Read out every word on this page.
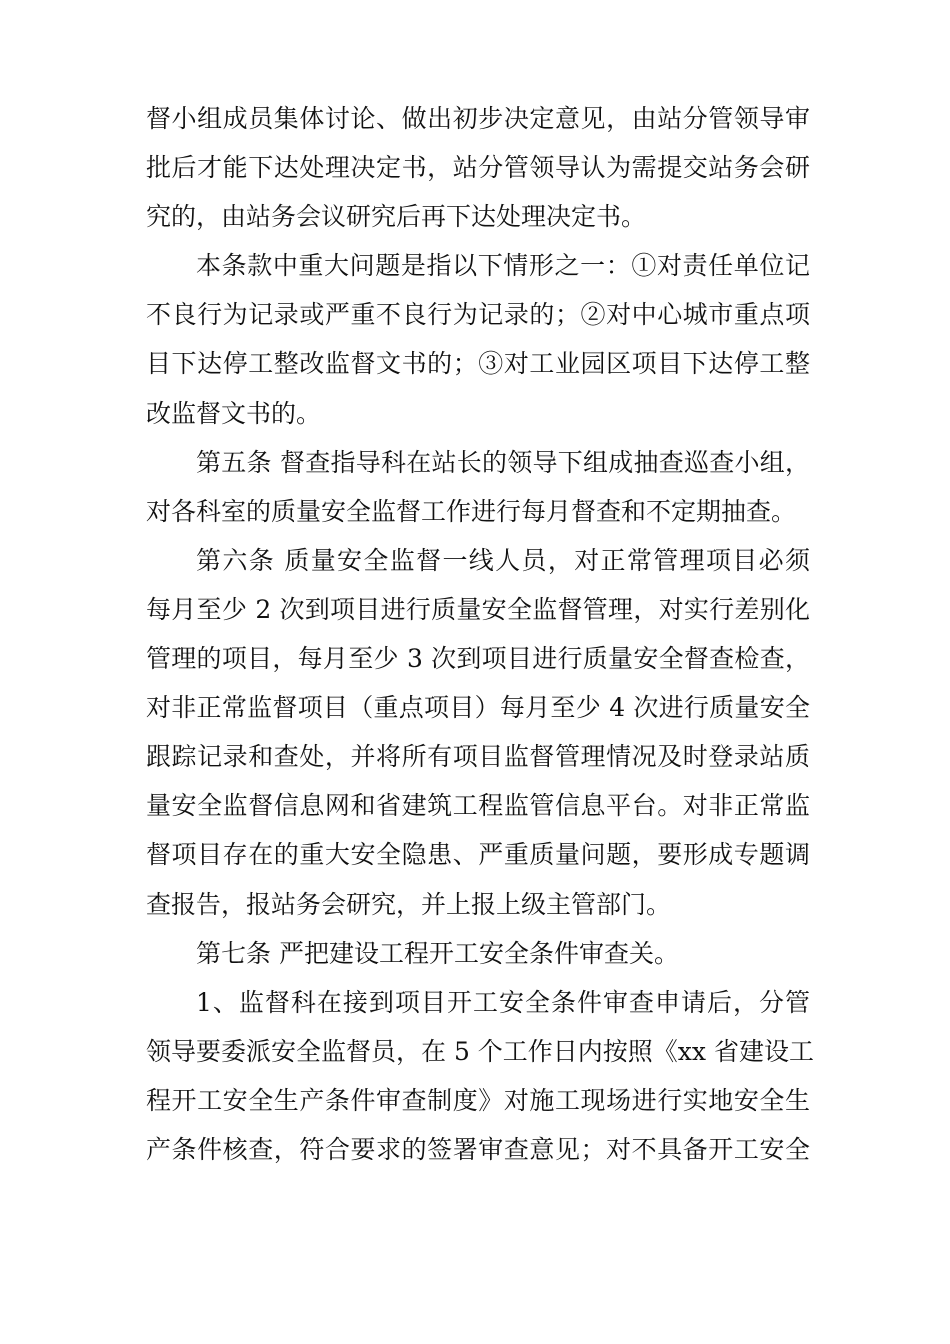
督小组成员集体讨论、做出初步决定意见，由站分管领导审
批后才能下达处理决定书，站分管领导认为需提交站务会研
究的，由站务会议研究后再下达处理决定书。
本条款中重大问题是指以下情形之一：①对责任单位记
不良行为记录或严重不良行为记录的；②对中心城市重点项
目下达停工整改监督文书的；③对工业园区项目下达停工整
改监督文书的。
第五条 督查指导科在站长的领导下组成抽查巡查小组，
对各科室的质量安全监督工作进行每月督查和不定期抽查。
第六条 质量安全监督一线人员，对正常管理项目必须
每月至少 2 次到项目进行质量安全监督管理，对实行差别化
管理的项目，每月至少 3 次到项目进行质量安全督查检查，
对非正常监督项目（重点项目）每月至少 4 次进行质量安全
跟踪记录和查处，并将所有项目监督管理情况及时登录站质
量安全监督信息网和省建筑工程监管信息平台。对非正常监
督项目存在的重大安全隐患、严重质量问题，要形成专题调
查报告，报站务会研究，并上报上级主管部门。
第七条 严把建设工程开工安全条件审查关。
1、监督科在接到项目开工安全条件审查申请后，分管
领导要委派安全监督员，在 5 个工作日内按照《xx 省建设工
程开工安全生产条件审查制度》对施工现场进行实地安全生
产条件核查，符合要求的签署审查意见；对不具备开工安全
